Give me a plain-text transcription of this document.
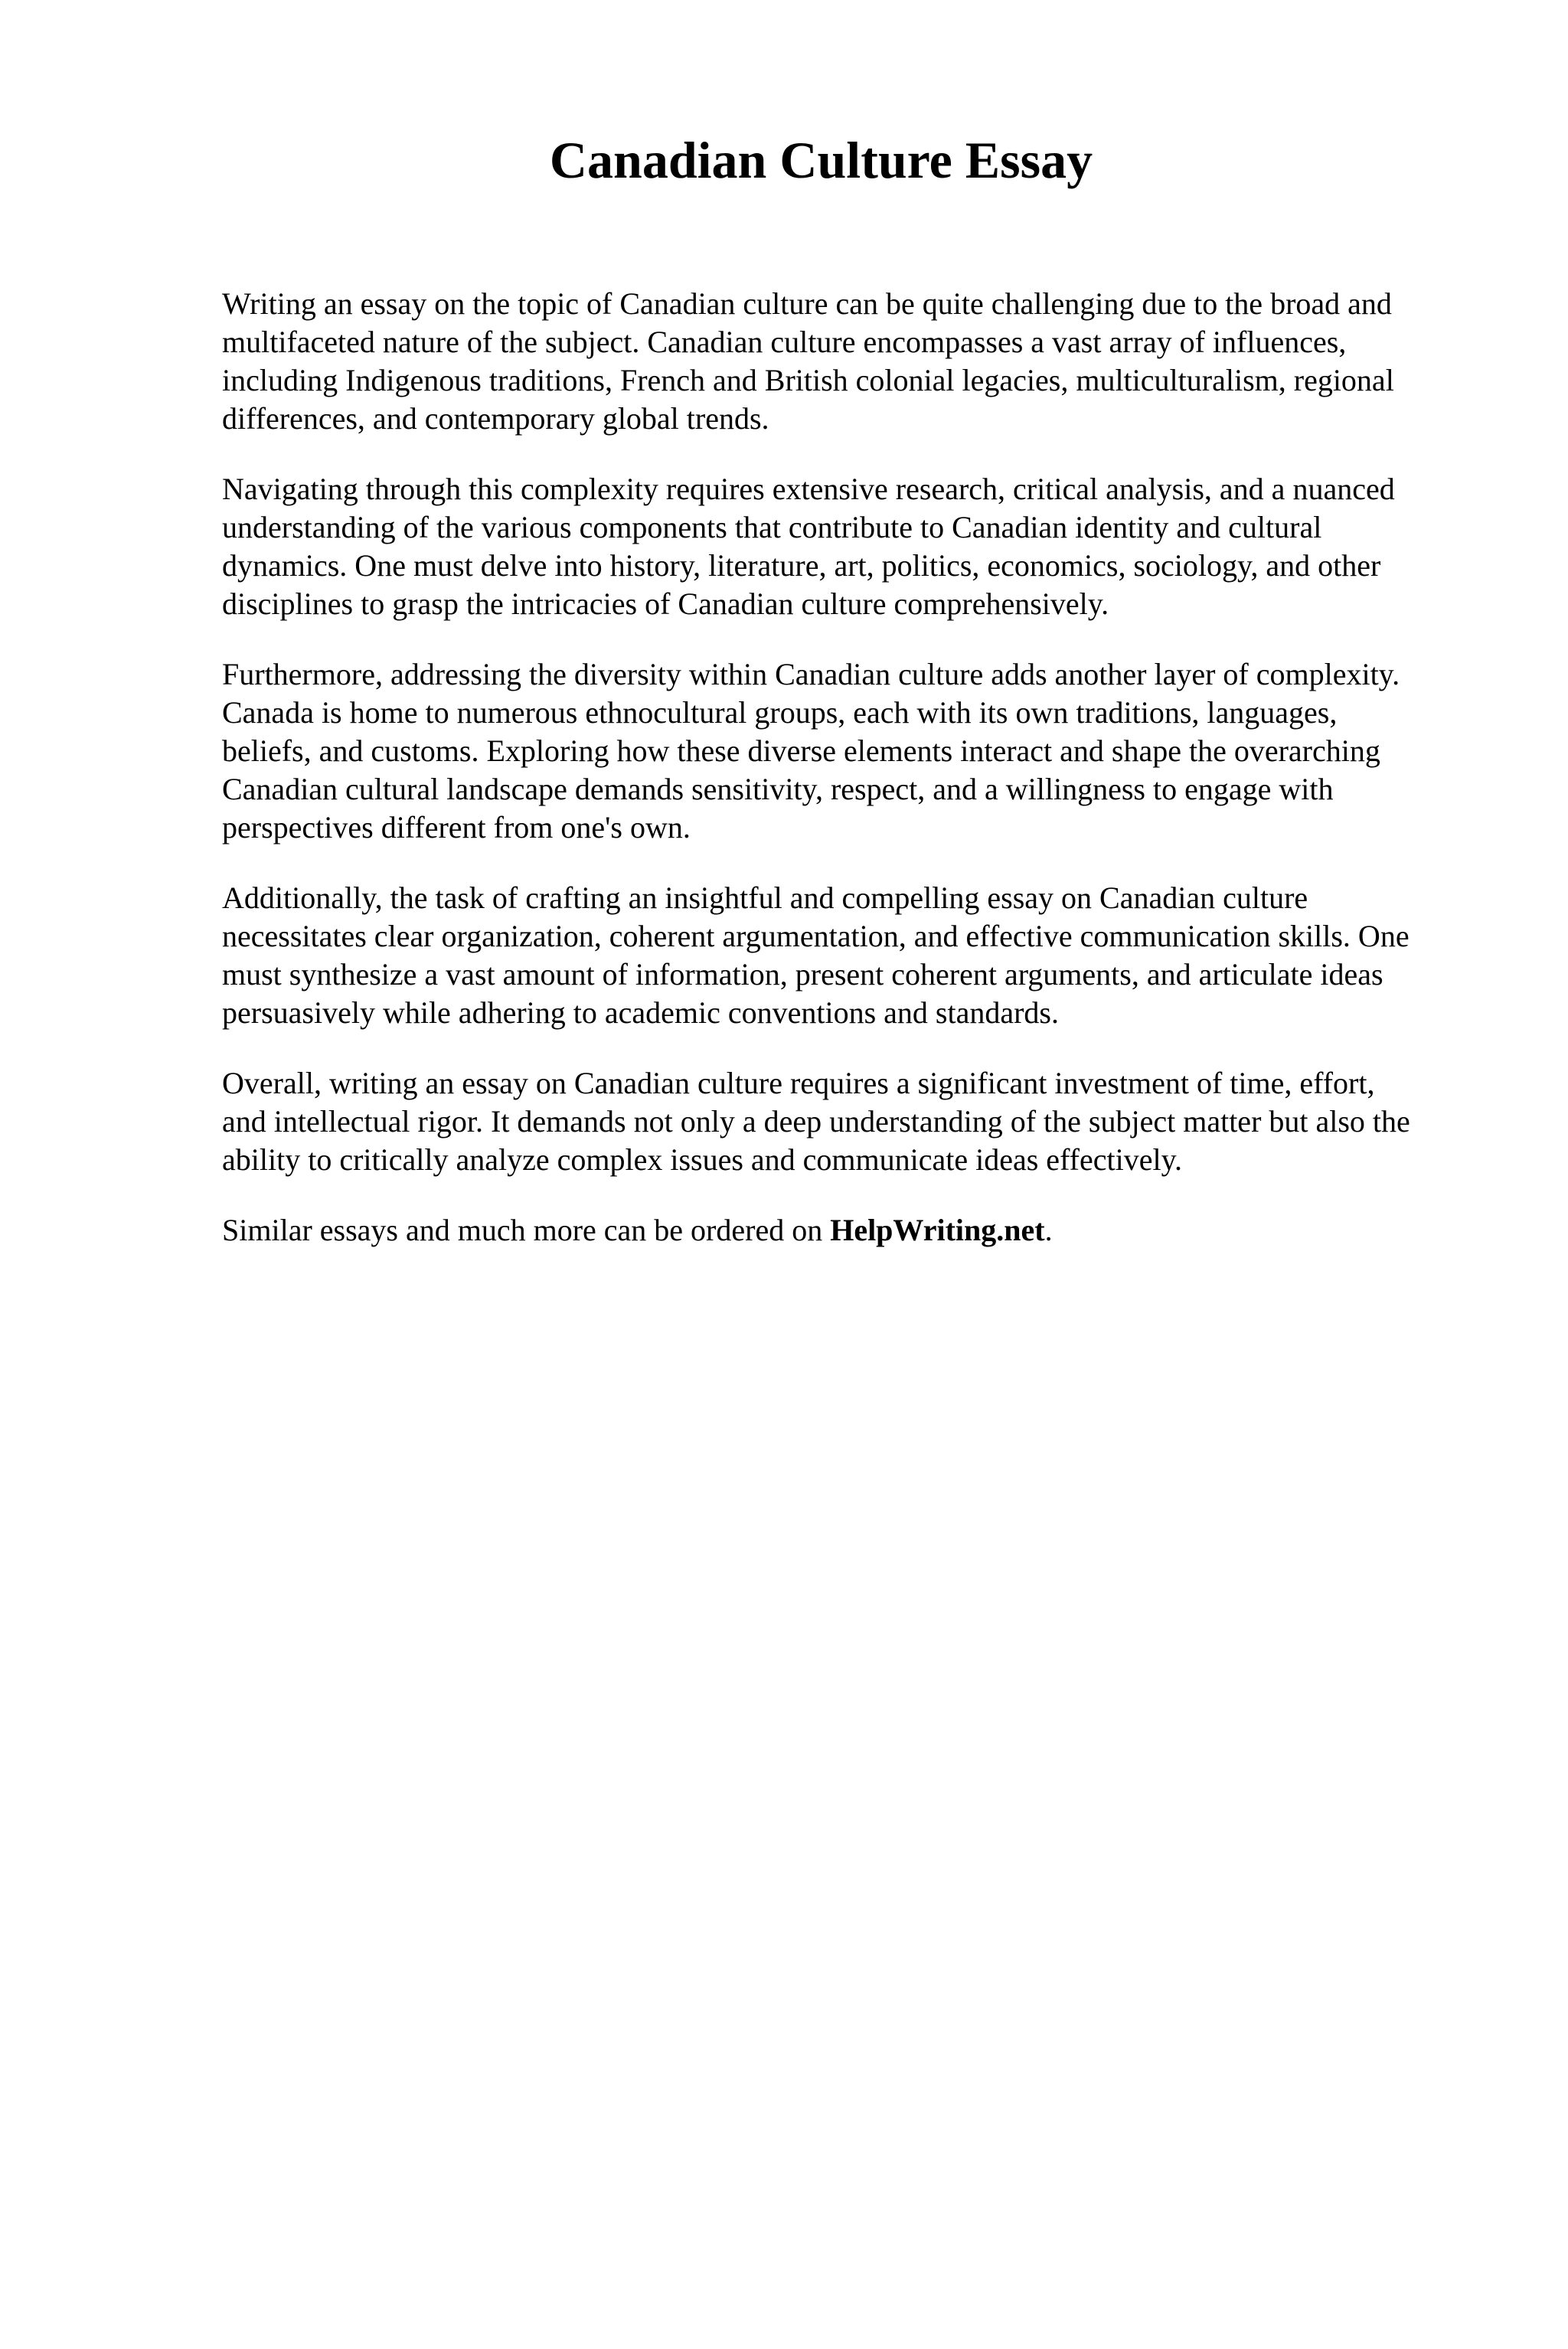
Canadian Culture Essay

Writing an essay on the topic of Canadian culture can be quite challenging due to the broad and multifaceted nature of the subject. Canadian culture encompasses a vast array of influences, including Indigenous traditions, French and British colonial legacies, multiculturalism, regional differences, and contemporary global trends.

Navigating through this complexity requires extensive research, critical analysis, and a nuanced understanding of the various components that contribute to Canadian identity and cultural dynamics. One must delve into history, literature, art, politics, economics, sociology, and other disciplines to grasp the intricacies of Canadian culture comprehensively.

Furthermore, addressing the diversity within Canadian culture adds another layer of complexity. Canada is home to numerous ethnocultural groups, each with its own traditions, languages, beliefs, and customs. Exploring how these diverse elements interact and shape the overarching Canadian cultural landscape demands sensitivity, respect, and a willingness to engage with perspectives different from one's own.

Additionally, the task of crafting an insightful and compelling essay on Canadian culture necessitates clear organization, coherent argumentation, and effective communication skills. One must synthesize a vast amount of information, present coherent arguments, and articulate ideas persuasively while adhering to academic conventions and standards.

Overall, writing an essay on Canadian culture requires a significant investment of time, effort, and intellectual rigor. It demands not only a deep understanding of the subject matter but also the ability to critically analyze complex issues and communicate ideas effectively.

Similar essays and much more can be ordered on HelpWriting.net.
